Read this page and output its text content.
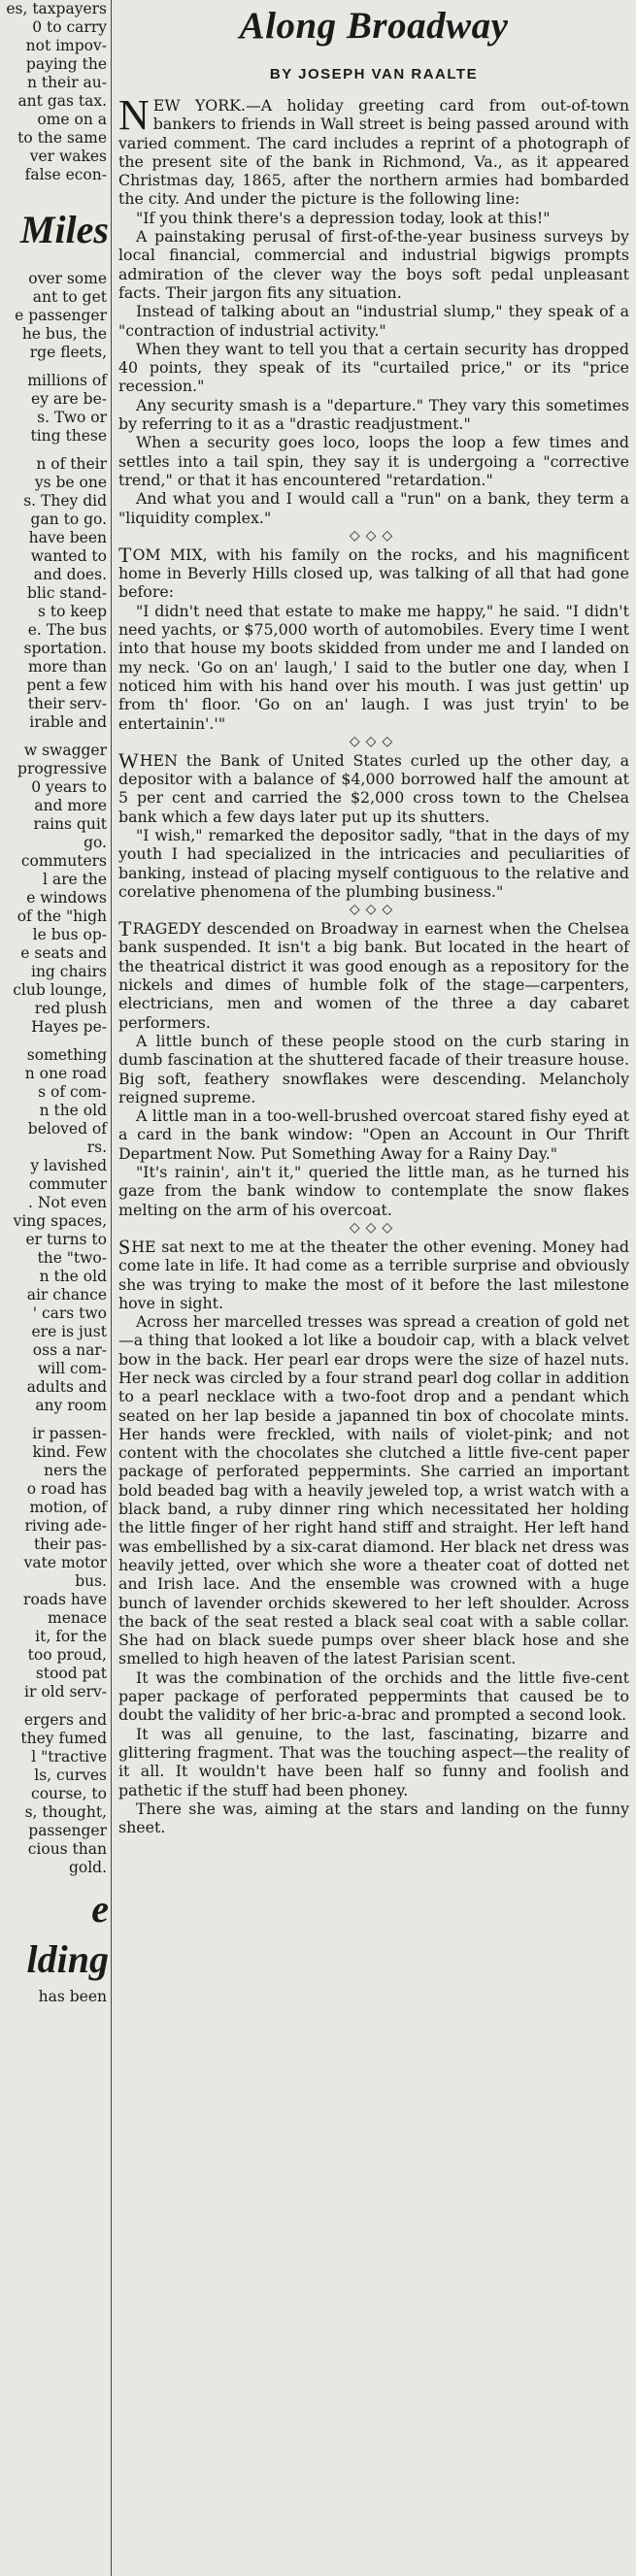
es, taxpayers
0 to carry
not impov-
paying the
n their au-
ant gas tax.
ome on a
to the same
ver wakes
false econ-
Miles
over some
ant to get
e passenger
he bus, the
rge fleets,
millions of
ey are be-
s. Two or
ting these
n of their
ys be one
s. They did
gan to go.
have been
wanted to
and does.
blic stand-
s to keep
e. The bus
sportation.
more than
pent a few
their serv-
irable and
w swagger
progressive
0 years to
and more
rains quit
go.
commuters
l are the
e windows
of the "high
le bus op-
e seats and
ing chairs
club lounge,
red plush
Hayes pe-
something
n one road
s of com-
n the old
beloved of
rs.
y lavished
commuter
. Not even
ving spaces,
er turns to
the "two-
n the old
air chance
' cars two
ere is just
oss a nar-
will com-
adults and
any room
ir passen-
kind. Few
ners the
o road has
motion, of
riving ade-
their pas-
vate motor
bus.
roads have
menace
it, for the
too proud,
stood pat
ir old serv-
ergers and
they fumed
l "tractive
ls, curves
course, to
s, thought,
passenger
cious than
gold.
e
lding
has been
Along Broadway
BY JOSEPH VAN RAALTE

NEW YORK.—A holiday greeting card from out-of-town bankers to friends in Wall street is being passed around with varied comment. The card includes a reprint of a photograph of the present site of the bank in Richmond, Va., as it appeared Christmas day, 1865, after the northern armies had bombarded the city. And under the picture is the following line:

"If you think there's a depression today, look at this!"

A painstaking perusal of first-of-the-year business surveys by local financial, commercial and industrial bigwigs prompts admiration of the clever way the boys soft pedal unpleasant facts. Their jargon fits any situation.

Instead of talking about an "industrial slump," they speak of a "contraction of industrial activity."

When they want to tell you that a certain security has dropped 40 points, they speak of its "curtailed price," or its "price recession."

Any security smash is a "departure." They vary this sometimes by referring to it as a "drastic readjustment."

When a security goes loco, loops the loop a few times and settles into a tail spin, they say it is undergoing a "corrective trend," or that it has encountered "retardation."

And what you and I would call a "run" on a bank, they term a "liquidity complex."

◇◇◇

T OM MIX, with his family on the rocks, and his magnificent home in Beverly Hills closed up, was talking of all that had gone before:

"I didn't need that estate to make me happy," he said. "I didn't need yachts, or $75,000 worth of automobiles. Every time I went into that house my boots skidded from under me and I landed on my neck. 'Go on an' laugh,' I said to the butler one day, when I noticed him with his hand over his mouth. I was just gettin' up from th' floor. 'Go on an' laugh. I was just tryin' to be entertainin'.'"

◇◇◇

W HEN the Bank of United States curled up the other day, a depositor with a balance of $4,000 borrowed half the amount at 5 per cent and carried the $2,000 cross town to the Chelsea bank which a few days later put up its shutters.

"I wish," remarked the depositor sadly, "that in the days of my youth I had specialized in the intricacies and peculiarities of banking, instead of placing myself contiguous to the relative and corelative phenomena of the plumbing business."

◇◇◇

T RAGEDY descended on Broadway in earnest when the Chelsea bank suspended. It isn't a big bank. But located in the heart of the theatrical district it was good enough as a repository for the nickels and dimes of humble folk of the stage—carpenters, electricians, men and women of the three a day cabaret performers.

A little bunch of these people stood on the curb staring in dumb fascination at the shuttered facade of their treasure house. Big soft, feathery snowflakes were descending. Melancholy reigned supreme.

A little man in a too-well-brushed overcoat stared fishy eyed at a card in the bank window: "Open an Account in Our Thrift Department Now. Put Something Away for a Rainy Day."

"It's rainin', ain't it," queried the little man, as he turned his gaze from the bank window to contemplate the snow flakes melting on the arm of his overcoat.

◇◇◇

S HE sat next to me at the theater the other evening. Money had come late in life. It had come as a terrible surprise and obviously she was trying to make the most of it before the last milestone hove in sight.

Across her marcelled tresses was spread a creation of gold net—a thing that looked a lot like a boudoir cap, with a black velvet bow in the back. Her pearl ear drops were the size of hazel nuts. Her neck was circled by a four strand pearl dog collar in addition to a pearl necklace with a two-foot drop and a pendant which seated on her lap beside a japanned tin box of chocolate mints. Her hands were freckled, with nails of violet-pink; and not content with the chocolates she clutched a little five-cent paper package of perforated peppermints. She carried an important bold beaded bag with a heavily jeweled top, a wrist watch with a black band, a ruby dinner ring which necessitated her holding the little finger of her right hand stiff and straight. Her left hand was embellished by a six-carat diamond. Her black net dress was heavily jetted, over which she wore a theater coat of dotted net and Irish lace. And the ensemble was crowned with a huge bunch of lavender orchids skewered to her left shoulder. Across the back of the seat rested a black seal coat with a sable collar. She had on black suede pumps over sheer black hose and she smelled to high heaven of the latest Parisian scent.

It was the combination of the orchids and the little five-cent paper package of perforated peppermints that caused be to doubt the validity of her bric-a-brac and prompted a second look.

It was all genuine, to the last, fascinating, bizarre and glittering fragment. That was the touching aspect—the reality of it all. It wouldn't have been half so funny and foolish and pathetic if the stuff had been phoney.

There she was, aiming at the stars and landing on the funny sheet.
